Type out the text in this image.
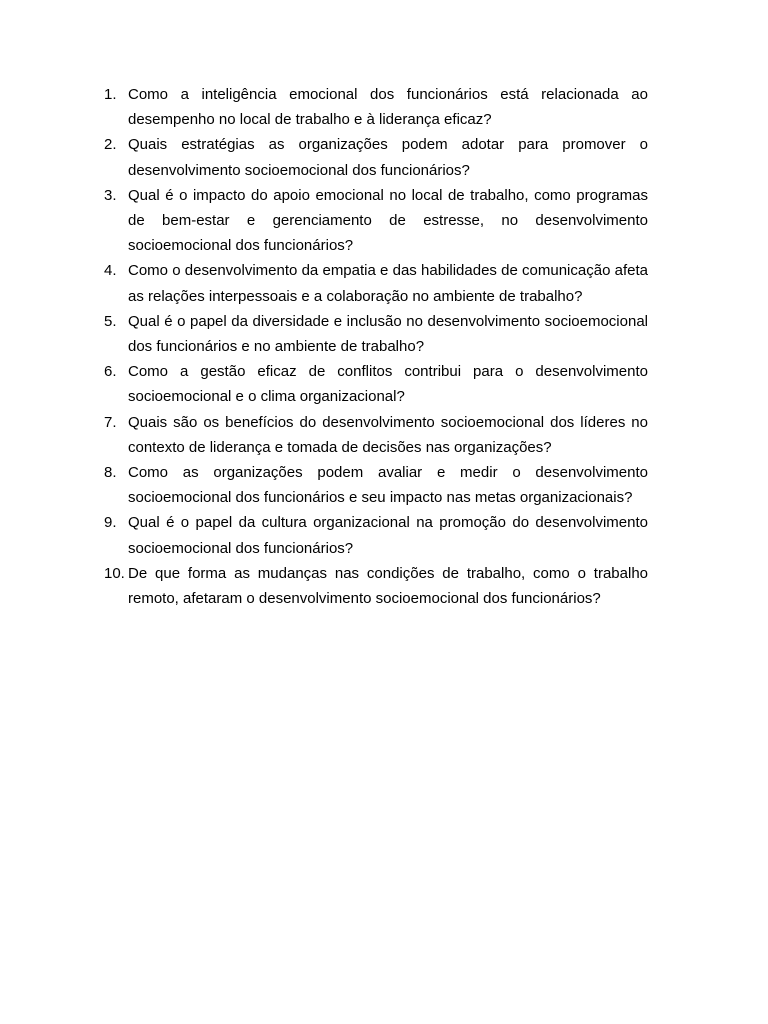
1. Como a inteligência emocional dos funcionários está relacionada ao desempenho no local de trabalho e à liderança eficaz?
2. Quais estratégias as organizações podem adotar para promover o desenvolvimento socioemocional dos funcionários?
3. Qual é o impacto do apoio emocional no local de trabalho, como programas de bem-estar e gerenciamento de estresse, no desenvolvimento socioemocional dos funcionários?
4. Como o desenvolvimento da empatia e das habilidades de comunicação afeta as relações interpessoais e a colaboração no ambiente de trabalho?
5. Qual é o papel da diversidade e inclusão no desenvolvimento socioemocional dos funcionários e no ambiente de trabalho?
6. Como a gestão eficaz de conflitos contribui para o desenvolvimento socioemocional e o clima organizacional?
7. Quais são os benefícios do desenvolvimento socioemocional dos líderes no contexto de liderança e tomada de decisões nas organizações?
8. Como as organizações podem avaliar e medir o desenvolvimento socioemocional dos funcionários e seu impacto nas metas organizacionais?
9. Qual é o papel da cultura organizacional na promoção do desenvolvimento socioemocional dos funcionários?
10. De que forma as mudanças nas condições de trabalho, como o trabalho remoto, afetaram o desenvolvimento socioemocional dos funcionários?
